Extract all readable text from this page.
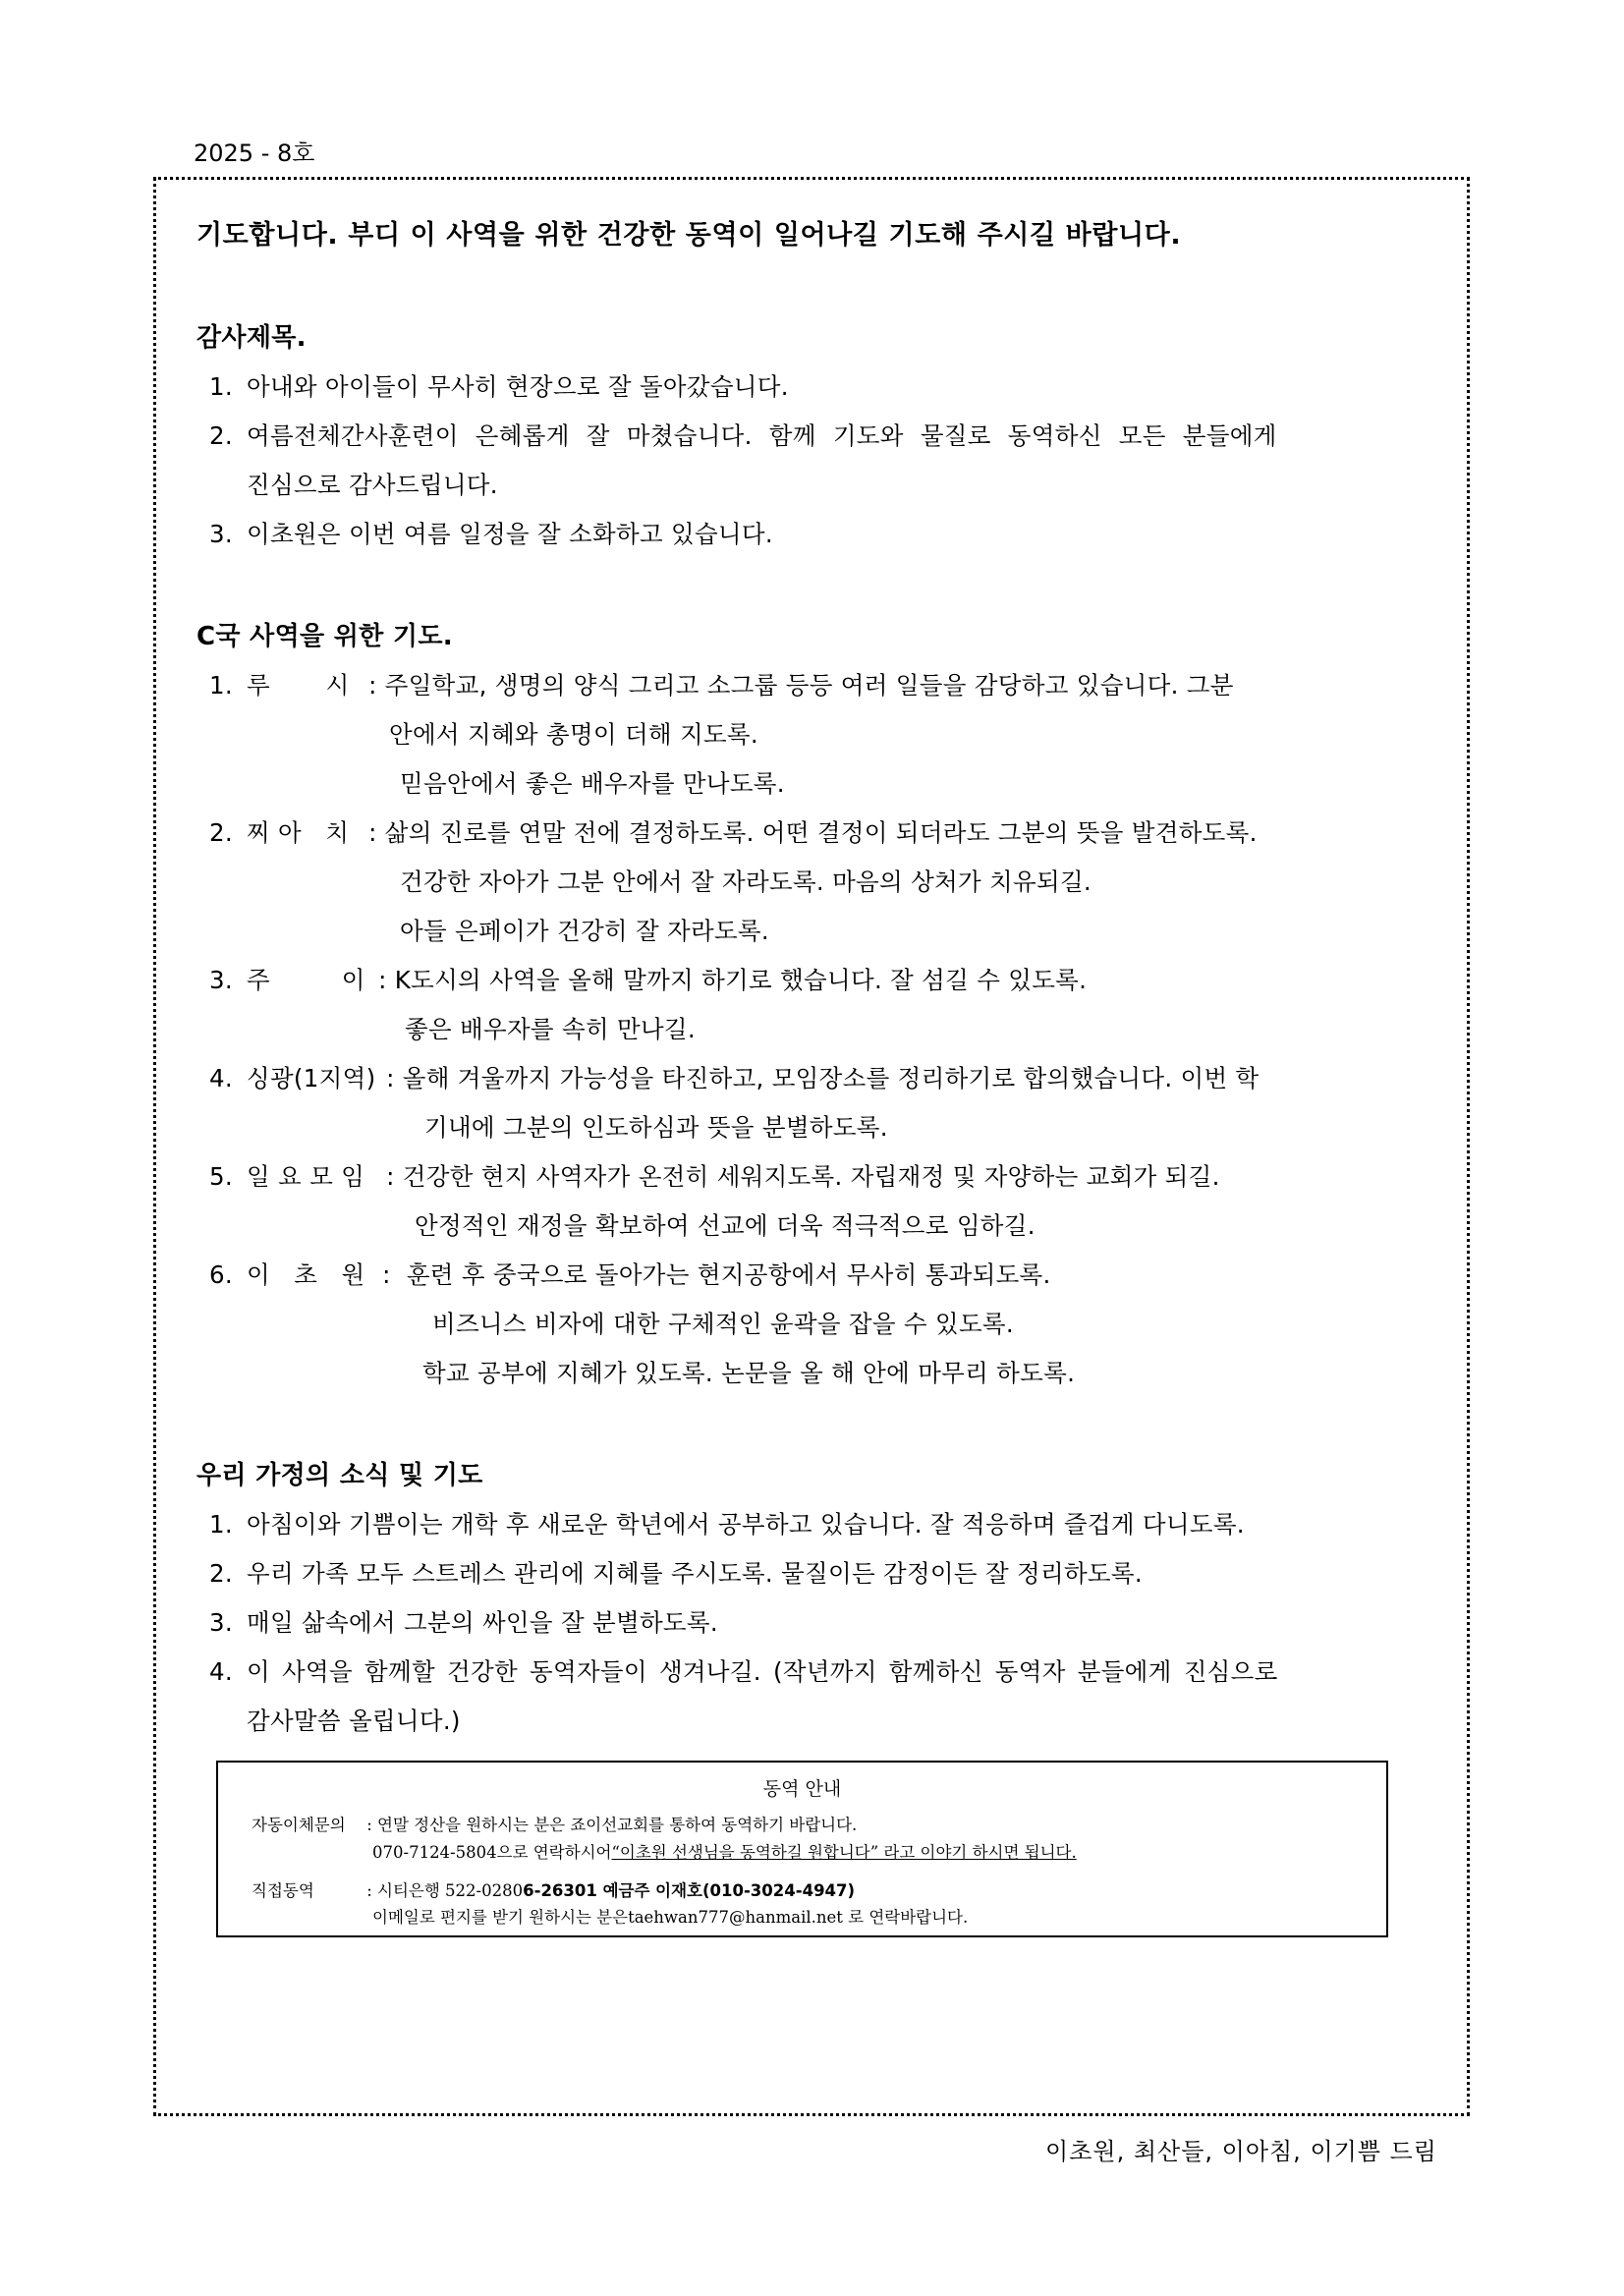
2025 - 8호

기도합니다. 부디 이 사역을 위한 건강한 동역이 일어나길 기도해 주시길 바랍니다.

감사제목.

1. 아내와 아이들이 무사히 현장으로 잘 돌아갔습니다.
2. 여름전체간사훈련이 은혜롭게 잘 마쳤습니다. 함께 기도와 물질로 동역하신 모든 분들에게
진심으로 감사드립니다.
3. 이초원은 이번 여름 일정을 잘 소화하고 있습니다.

C국 사역을 위한 기도.

1. 루       시 : 주일학교, 생명의 양식 그리고 소그룹 등등 여러 일들을 감당하고 있습니다. 그분
안에서 지혜와 총명이 더해 지도록.
믿음안에서 좋은 배우자를 만나도록.
2. 찌 아   치 : 삶의 진로를 연말 전에 결정하도록. 어떤 결정이 되더라도 그분의 뜻을 발견하도록.
건강한 자아가 그분 안에서 잘 자라도록. 마음의 상처가 치유되길.
아들 은페이가 건강히 잘 자라도록.
3. 주         이 : K도시의 사역을 올해 말까지 하기로 했습니다. 잘 섬길 수 있도록.
좋은 배우자를 속히 만나길.
4. 싱광(1지역) : 올해 겨울까지 가능성을 타진하고, 모임장소를 정리하기로 합의했습니다. 이번 학
기내에 그분의 인도하심과 뜻을 분별하도록.
5. 일 요 모 임 : 건강한 현지 사역자가 온전히 세워지도록. 자립재정 및 자양하는 교회가 되길.
안정적인 재정을 확보하여 선교에 더욱 적극적으로 임하길.
6. 이   초   원 : 훈련 후 중국으로 돌아가는 현지공항에서 무사히 통과되도록.
비즈니스 비자에 대한 구체적인 윤곽을 잡을 수 있도록.
학교 공부에 지혜가 있도록. 논문을 올 해 안에 마무리 하도록.

우리 가정의 소식 및 기도

1. 아침이와 기쁨이는 개학 후 새로운 학년에서 공부하고 있습니다. 잘 적응하며 즐겁게 다니도록.
2. 우리 가족 모두 스트레스 관리에 지혜를 주시도록. 물질이든 감정이든 잘 정리하도록.
3. 매일 삶속에서 그분의 싸인을 잘 분별하도록.
4. 이 사역을 함께할 건강한 동역자들이 생겨나길. (작년까지 함께하신 동역자 분들에게 진심으로
감사말씀 올립니다.)
동역 안내
자동이체문의 : 연말 정산을 원하시는 분은 죠이선교회를 통하여 동역하기 바랍니다.
070-7124-5804으로 연락하시어“이초원 선생님을 동역하길 원합니다” 라고 이야기 하시면 됩니다.
직접동역	: 시티은행 522-02806-26301 예금주 이재호(010-3024-4947)
이메일로 편지를 받기 원하시는 분은taehwan777@hanmail.net 로 연락바랍니다.
이초원, 최산들, 이아침, 이기쁨 드림
